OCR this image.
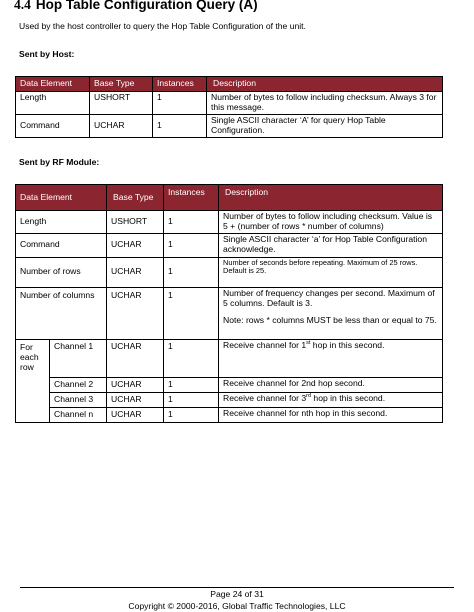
4.4 Hop Table Configuration Query (A)
Used by the host controller to query the Hop Table Configuration of the unit.
Sent by Host:
Data Element	Base Type	Instances	Description
Length	USHORT	1	Number of bytes to follow including checksum. Always 3 for this message.
Command	UCHAR	1	Single ASCII character ‘A’ for query Hop Table Configuration.
Sent by RF Module:
Data Element		Base Type	Instances	Description
Length		USHORT	1	Number of bytes to follow including checksum. Value is 5 + (number of rows * number of columns)
Command		UCHAR	1	Single ASCII character ‘a’ for Hop Table Configuration acknowledge.
Number of rows		UCHAR	1	Number of seconds before repeating. Maximum of 25 rows. Default is 25.
Number of columns		UCHAR	1	Number of frequency changes per second. Maximum of 5 columns. Default is 3.
Note: rows * columns MUST be less than or equal to 75.

For each row	Channel 1	UCHAR	1	Receive channel for 1st hop in this second.
	Channel 2	UCHAR	1	Receive channel for 2nd hop second.
	Channel 3	UCHAR	1	Receive channel for 3rd hop in this second.
	Channel n	UCHAR	1	Receive channel for nth hop in this second.
Page 24 of 31
Copyright © 2000-2016, Global Traffic Technologies, LLC
